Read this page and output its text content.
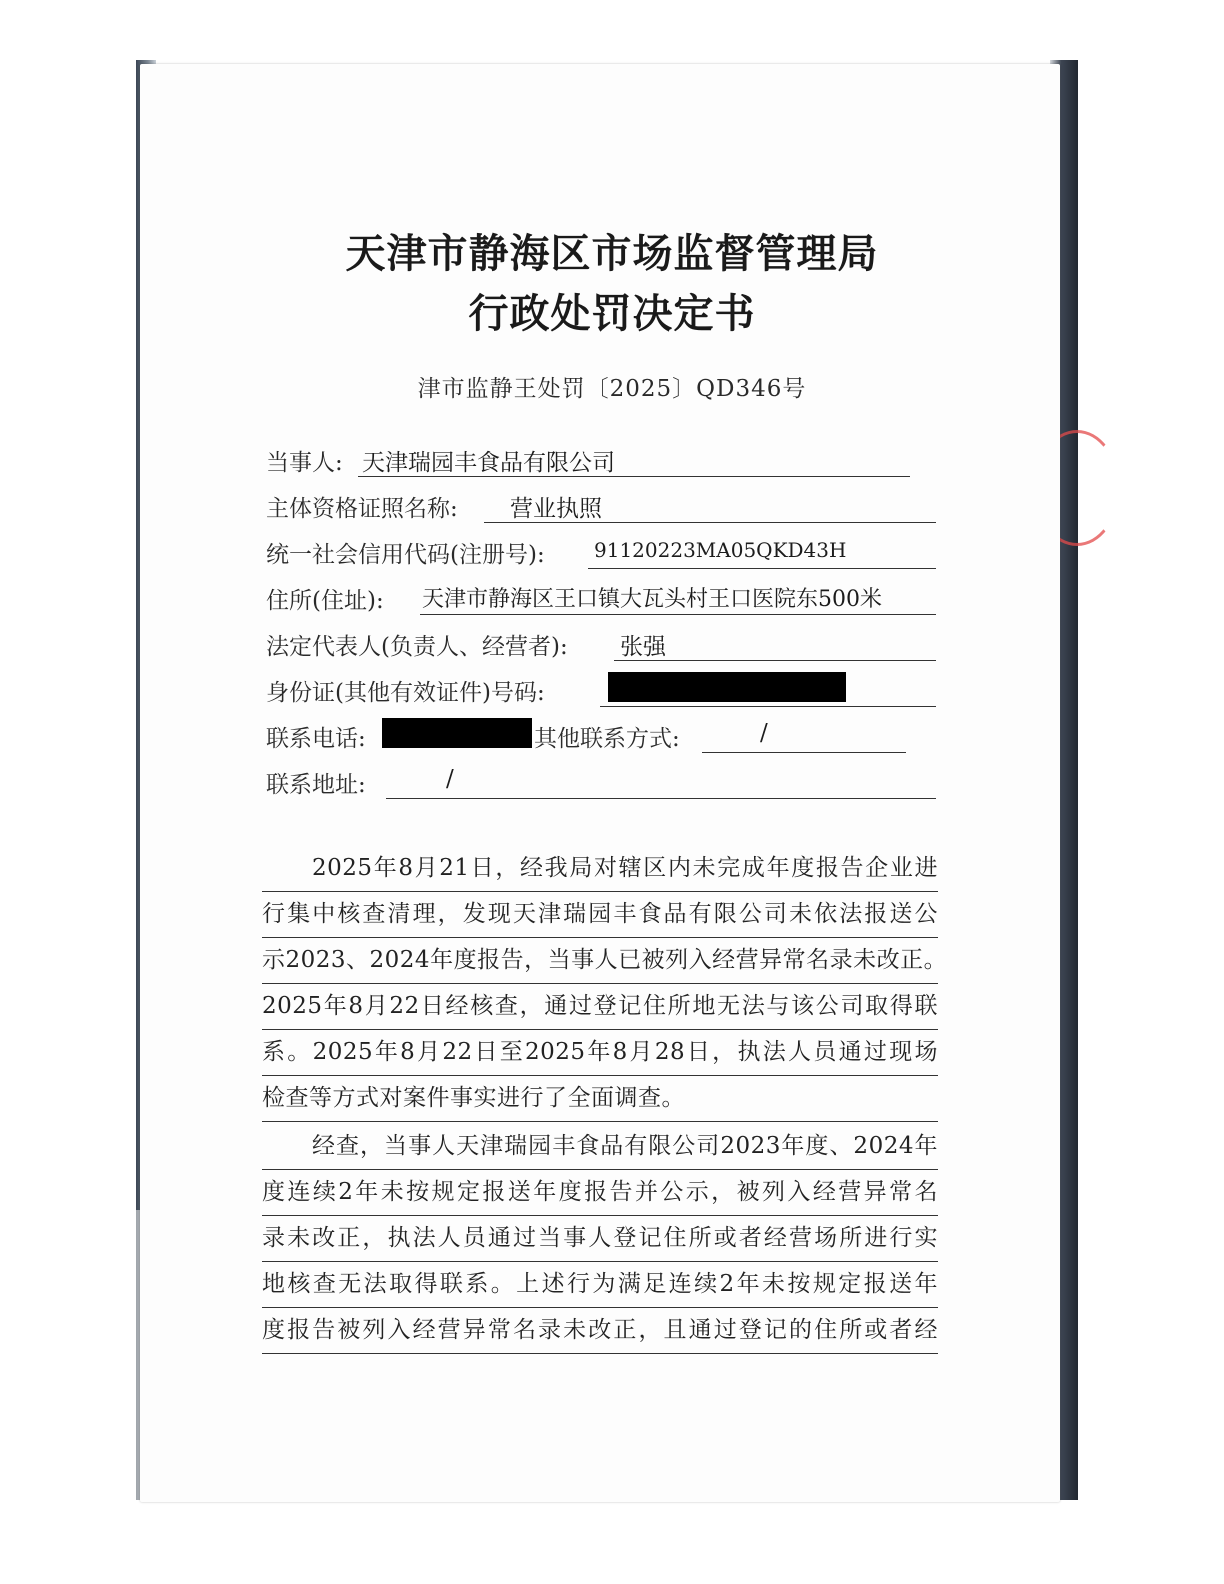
天津市静海区市场监督管理局
行政处罚决定书
津市监静王处罚〔2025〕QD346号
当事人: 天津瑞园丰食品有限公司
主体资格证照名称: 营业执照
统一社会信用代码(注册号): 91120223MA05QKD43H
住所(住址): 天津市静海区王口镇大瓦头村王口医院东500米
法定代表人(负责人、经营者): 张强
身份证(其他有效证件)号码:
联系电话:	其他联系方式:	/
联系地址:	/
2025年8月21日，经我局对辖区内未完成年度报告企业进
行集中核查清理，发现天津瑞园丰食品有限公司未依法报送公
示2023、2024年度报告，当事人已被列入经营异常名录未改正。
2025年8月22日经核查，通过登记住所地无法与该公司取得联
系。2025年8月22日至2025年8月28日，执法人员通过现场
检查等方式对案件事实进行了全面调查。
经查，当事人天津瑞园丰食品有限公司2023年度、2024年
度连续2年未按规定报送年度报告并公示，被列入经营异常名
录未改正，执法人员通过当事人登记住所或者经营场所进行实
地核查无法取得联系。上述行为满足连续2年未按规定报送年
度报告被列入经营异常名录未改正，且通过登记的住所或者经
